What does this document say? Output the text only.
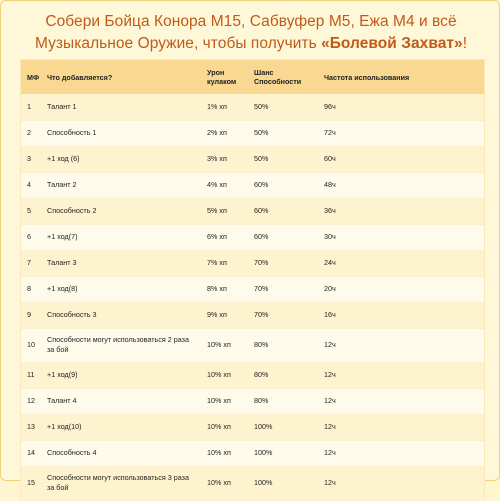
Собери Бойца Конора М15, Сабвуфер М5, Ежа М4 и всё Музыкальное Оружие, чтобы получить «Болевой Захват»!
МФ	Что добавляется?	Урон кулаком	Шанс Способности	Частота использования
1	Талант 1	1% хп	50%	96ч
2	Способность 1	2% хп	50%	72ч
3	+1 ход (6)	3% хп	50%	60ч
4	Талант 2	4% хп	60%	48ч
5	Способность 2	5% хп	60%	36ч
6	+1 ход(7)	6% хп	60%	30ч
7	Талант 3	7% хп	70%	24ч
8	+1 ход(8)	8% хп	70%	20ч
9	Способность 3	9% хп	70%	16ч
10	Способности могут использоваться 2 раза за бой	10% хп	80%	12ч
11	+1 ход(9)	10% хп	80%	12ч
12	Талант 4	10% хп	80%	12ч
13	+1 ход(10)	10% хп	100%	12ч
14	Способность 4	10% хп	100%	12ч
15	Способности могут использоваться 3 раза за бой	10% хп	100%	12ч
